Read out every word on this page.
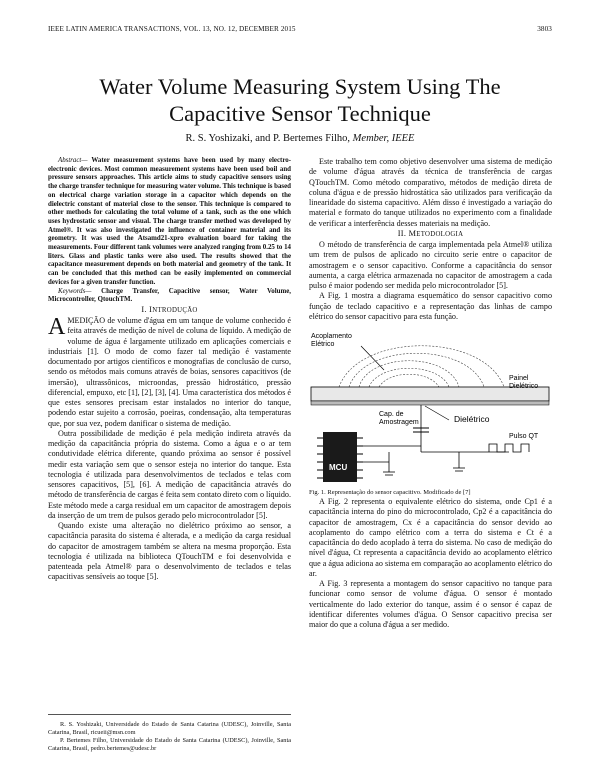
IEEE LATIN AMERICA TRANSACTIONS, VOL. 13, NO. 12, DECEMBER 2015	3803
Water Volume Measuring System Using The Capacitive Sensor Technique
R. S. Yoshizaki, and P. Bertemes Filho, Member, IEEE

Abstract— Water measurement systems have been used by many electro-electronic devices. Most common measurement systems have been used boil and pressure sensors approaches. This article aims to study capacitive sensors using the charge transfer technique for measuring water volume. This technique is based on electrical charge variation storage in a capacitor which depends on the dielectric constant of material close to the sensor. This technique is compared to other methods for calculating the total volume of a tank, such as the one which uses hydrostatic sensor and visual. The charge transfer method was developed by Atmel®. It was also investigated the influence of container material and its geometry. It was used the Atsamd21-xpro evaluation board for taking the measurements. Four different tank volumes were analyzed ranging from 0.25 to 14 liters. Glass and plastic tanks were also used. The results showed that the capacitance measurement depends on both material and geometry of the tank. It can be concluded that this method can be easily implemented on commercial devices for a given transfer function.

Keywords— Charge Transfer, Capacitive sensor, Water Volume, Microcontroller, QtouchTM.

I. INTRODUÇÃO

AMEDIÇÃO de volume d'água em um tanque de volume conhecido é feita através de medição de nível de coluna de líquido. A medição de volume de água é largamente utilizado em aplicações comerciais e industriais [1]. O modo de como fazer tal medição é vastamente documentado por artigos científicos e monografias de conclusão de curso, sendo os métodos mais comuns através de boias, sensores capacitivos (de imersão), ultrassônicos, microondas, pressão hidrostático, pressão diferencial, empuxo, etc [1], [2], [3], [4]. Uma característica dos métodos é que estes sensores precisam estar instalados no interior do tanque, podendo estar sujeito a corrosão, poeiras, condensação, alta temperaturas que, por sua vez, podem danificar o sistema de medição.

Outra possibilidade de medição é pela medição indireta através da medição da capacitância própria do sistema. Como a água e o ar tem condutividade elétrica diferente, quando próxima ao sensor é possível medir esta variação sem que o sensor esteja no interior do tanque. Esta tecnologia é utilizada para desenvolvimentos de teclados e telas com sensores capacitivos, [5], [6]. A medição de capacitância através do método de transferência de cargas é feita sem contato direto com o líquido. Este método mede a carga residual em um capacitor de amostragem depois da inserção de um trem de pulsos gerado pelo microcontrolador [5].

Quando existe uma alteração no dielétrico próximo ao sensor, a capacitância parasita do sistema é alterada, e a medição da carga residual do capacitor de amostragem também se altera na mesma proporção. Esta tecnologia é utilizada na biblioteca QTouchTM e foi desenvolvida e patenteada pela Atmel® para o desenvolvimento de teclados e telas capacitivas sensíveis ao toque [5].

Este trabalho tem como objetivo desenvolver uma sistema de medição de volume d'água através da técnica de transferência de cargas QTouchTM. Como método comparativo, métodos de medição direta de coluna d'água e de pressão hidrostática são utilizados para verificação da linearidade do sistema capacitivo. Além disso é investigado a variação do material e formato do tanque utilizados no experimento com a finalidade de verificar a interferência desses materiais na medição.

II. METODOLOGIA

O método de transferência de carga implementada pela Atmel® utiliza um trem de pulsos de aplicado no circuito serie entre o capacitor de amostragem e o sensor capacitivo. Conforme a capacitância do sensor aumenta, a carga elétrica armazenada no capacitor de amostragem a cada pulso é maior podendo ser medida pelo microcontrolador [5].

A Fig. 1 mostra a diagrama esquemático do sensor capacitivo como função de teclado capacitivo e a representação das linhas de campo elétrico do sensor capacitivo para esta função.

Acoplamento
Elétrico
Painel
Dielétrico
Cap. de
Amostragem	Dielétrico
MCU
Pulso QT

Fig. 1. Representação do sensor capacitivo. Modificado de [7]

A Fig. 2 representa o equivalente elétrico do sistema, onde Cp1 é a capacitância interna do pino do microcontrolado, Cp2 é a capacitância do capacitor de amostragem, Cx é a capacitância do sensor devido ao acoplamento do campo elétrico com a terra do sistema e Ct é a capacitância do dedo acoplado à terra do sistema. No caso de medição do nível d'água, Ct representa a capacitância devido ao acoplamento elétrico que a água adiciona ao sistema em comparação ao acoplamento elétrico do ar.

A Fig. 3 representa a montagem do sensor capacitivo no tanque para funcionar como sensor de volume d'água. O sensor é montado verticalmente do lado exterior do tanque, assim é o sensor é capaz de identificar diferentes volumes d'água. O Sensor capacitivo precisa ser maior do que a coluna d'água a ser medido.

R. S. Yoshizaki, Universidade do Estado de Santa Catarina (UDESC), Joinville, Santa Catarina, Brasil, ricueii@msn.com

P. Bertemes Filho, Universidade do Estado de Santa Catarina (UDESC), Joinville, Santa Catarina, Brasil, pedro.bertemes@udesc.br
